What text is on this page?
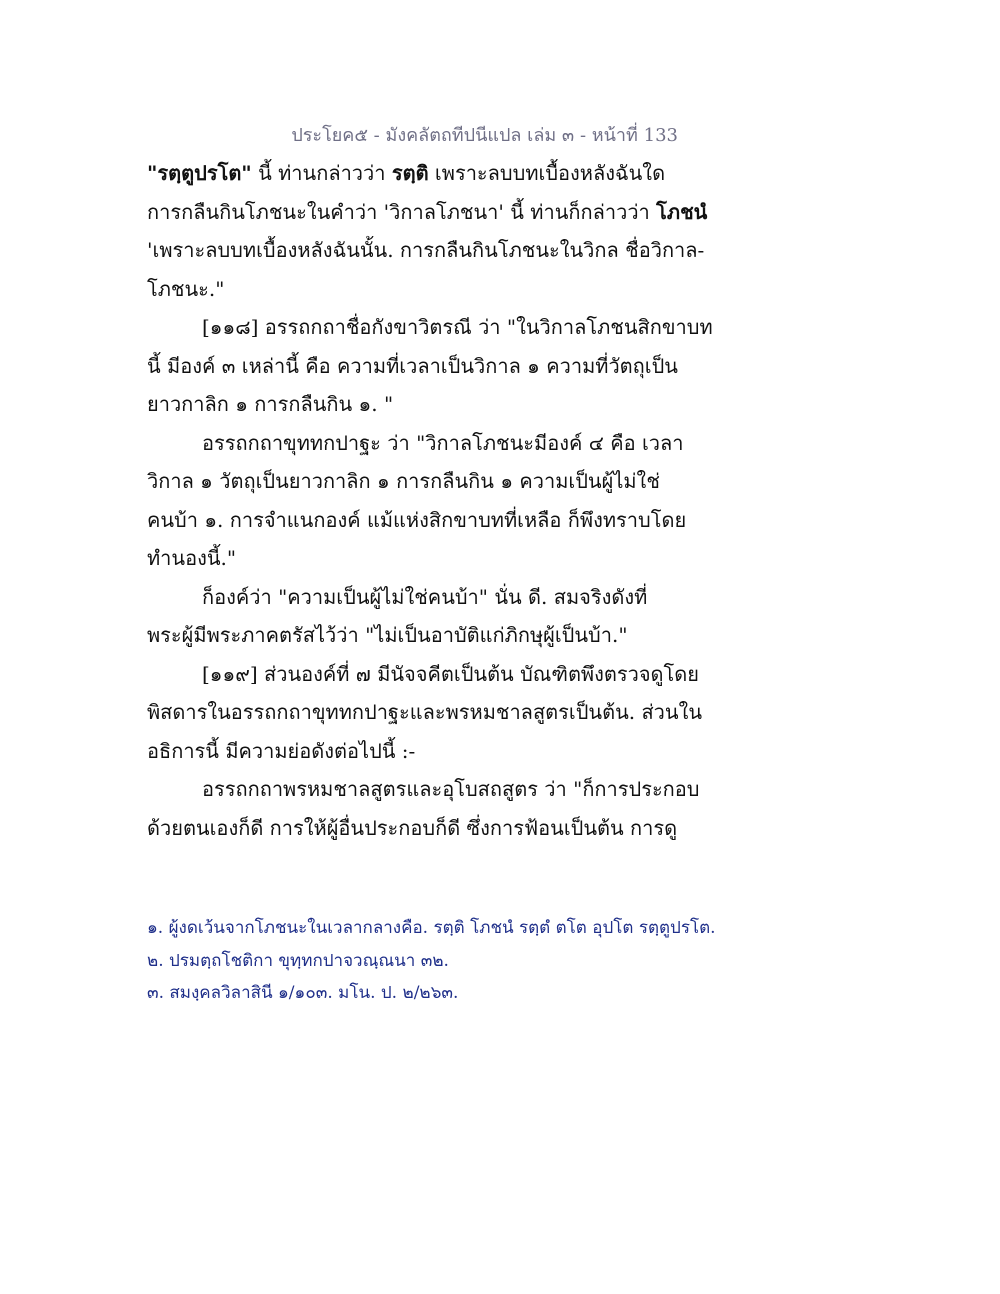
ประโยค๕ - มังคลัตถทีปนีแปล เล่ม ๓ - หน้าที่ 133

"รตฺตูปรโต" นี้ ท่านกล่าวว่า รตฺติ เพราะลบบทเบื้องหลังฉันใด
การกลืนกินโภชนะในคำว่า 'วิกาลโภชนา' นี้ ท่านก็กล่าวว่า โภชนํ
'เพราะลบบทเบื้องหลังฉันนั้น. การกลืนกินโภชนะในวิกล ชื่อวิกาล-
โภชนะ."

[๑๑๘] อรรถกถาชื่อกังขาวิตรณี ว่า "ในวิกาลโภชนสิกขาบท

นี้ มีองค์ ๓ เหล่านี้ คือ ความที่เวลาเป็นวิกาล ๑ ความที่วัตถุเป็น
ยาวกาลิก ๑ การกลืนกิน ๑. "

อรรถกถาขุททกปาฐะ ว่า "วิกาลโภชนะมีองค์ ๔ คือ เวลา

วิกาล ๑ วัตถุเป็นยาวกาลิก ๑ การกลืนกิน ๑ ความเป็นผู้ไม่ใช่
คนบ้า ๑. การจำแนกองค์ แม้แห่งสิกขาบทที่เหลือ ก็พึงทราบโดย
ทำนองนี้."

ก็องค์ว่า "ความเป็นผู้ไม่ใช่คนบ้า" นั่น ดี. สมจริงดังที่

พระผู้มีพระภาคตรัสไว้ว่า "ไม่เป็นอาบัติแก่ภิกษุผู้เป็นบ้า."

[๑๑๙] ส่วนองค์ที่ ๗ มีนัจจคีตเป็นต้น บัณฑิตพึงตรวจดูโดย

พิสดารในอรรถกถาขุททกปาฐะและพรหมชาลสูตรเป็นต้น. ส่วนใน
อธิการนี้ มีความย่อดังต่อไปนี้ :-

อรรถกถาพรหมชาลสูตรและอุโบสถสูตร ว่า "ก็การประกอบ

ด้วยตนเองก็ดี การให้ผู้อื่นประกอบก็ดี ซึ่งการฟ้อนเป็นต้น การดู

๑. ผู้งดเว้นจากโภชนะในเวลากลางคือ. รตฺติ โภชนํ รตฺตํ ตโต อุปโต รตฺตูปรโต.
๒. ปรมตฺถโชติกา ขุทฺทกปาจวณฺณนา ๓๒.
๓. สมงฺคลวิลาสินี ๑/๑๐๓. มโน. ป. ๒/๒๖๓.
